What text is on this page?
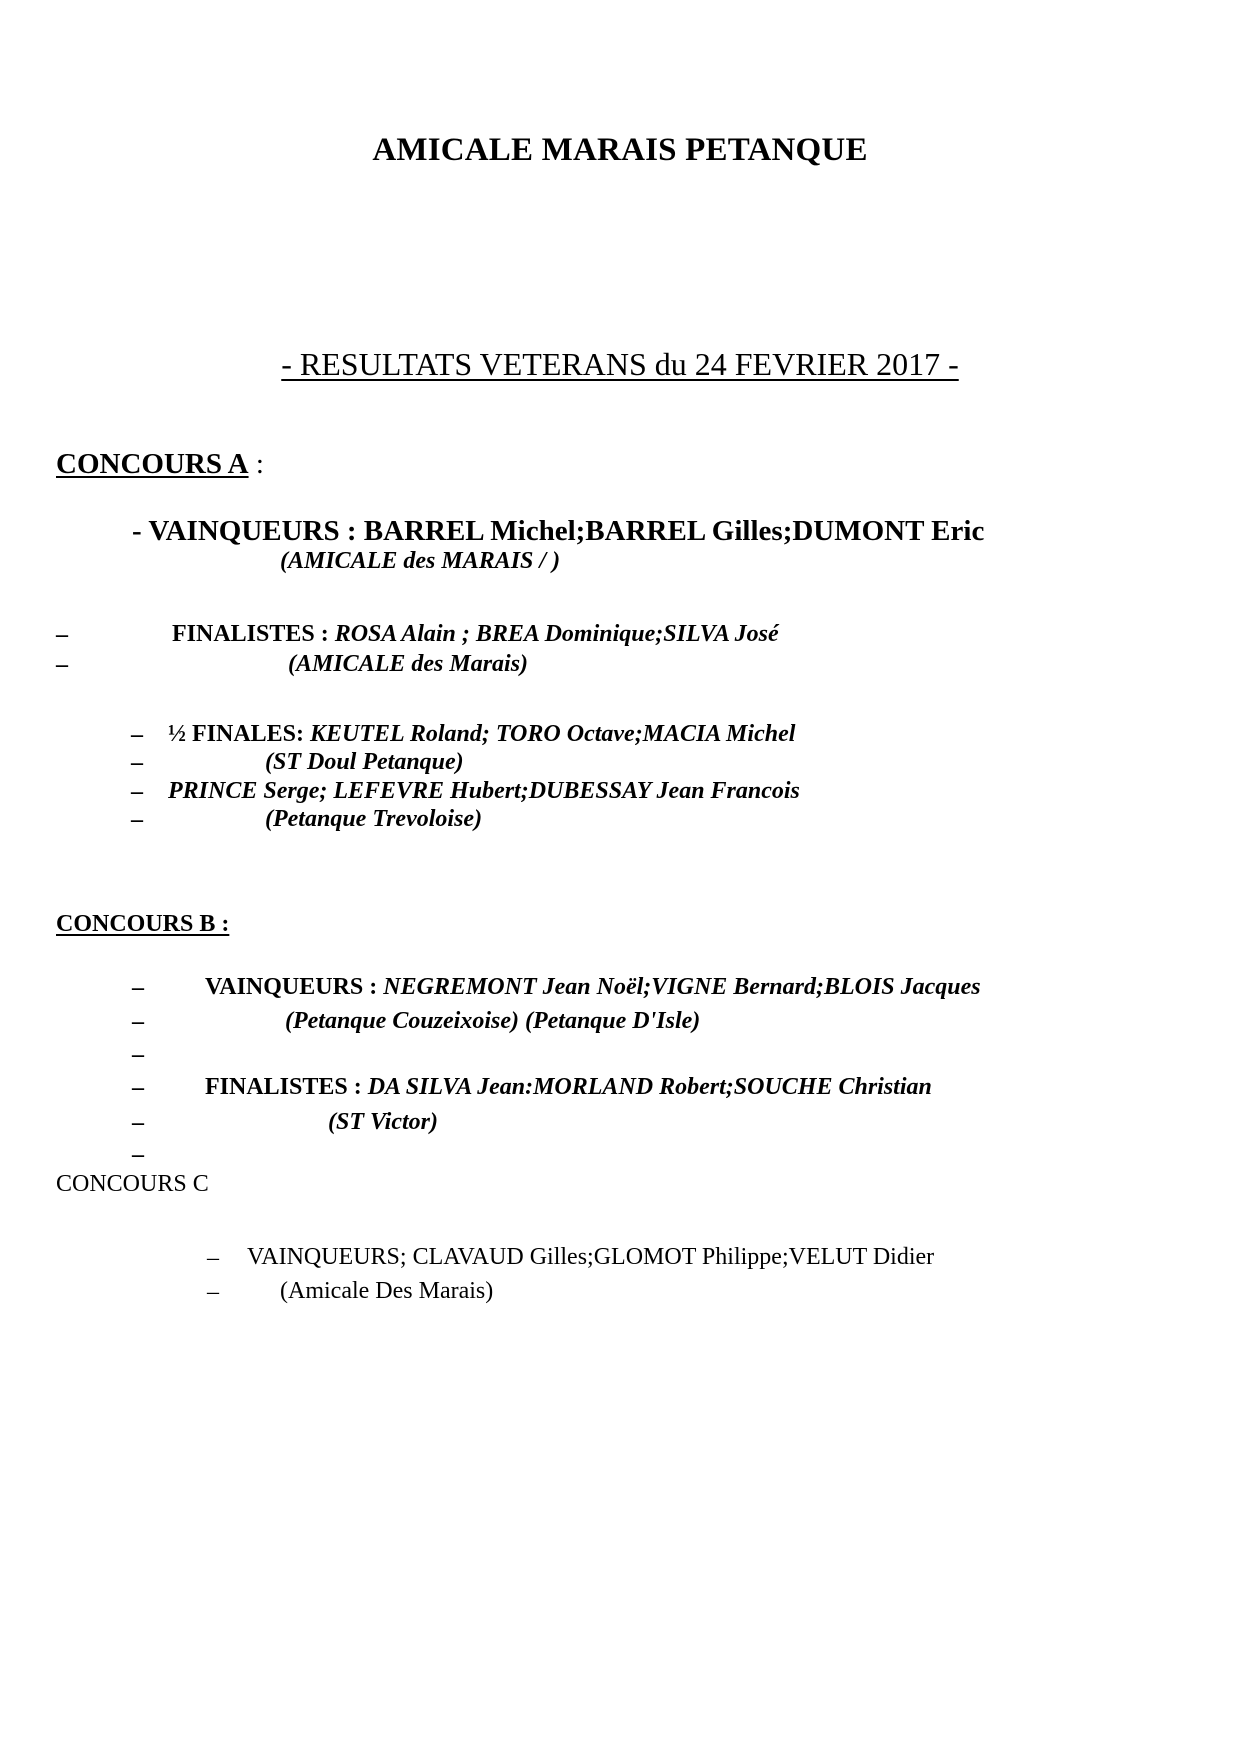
AMICALE MARAIS PETANQUE
- RESULTATS VETERANS du 24 FEVRIER 2017 -
CONCOURS A :
- VAINQUEURS : BARREL Michel;BARREL Gilles;DUMONT Eric
(AMICALE des MARAIS / )
–	FINALISTES : ROSA Alain ; BREA Dominique;SILVA José
–	(AMICALE des Marais)
– ½ FINALES: KEUTEL Roland; TORO Octave;MACIA Michel
–	(ST Doul Petanque)
– PRINCE Serge; LEFEVRE Hubert;DUBESSAY Jean Francois
–	(Petanque Trevoloise)
CONCOURS B :
–	VAINQUEURS : NEGREMONT Jean Noël;VIGNE Bernard;BLOIS Jacques
–	(Petanque Couzeixoise) (Petanque D'Isle)
–
–	FINALISTES : DA SILVA Jean:MORLAND Robert;SOUCHE Christian
–	(ST Victor)
–
CONCOURS C
– VAINQUEURS; CLAVAUD Gilles;GLOMOT Philippe;VELUT Didier
–	(Amicale Des Marais)
